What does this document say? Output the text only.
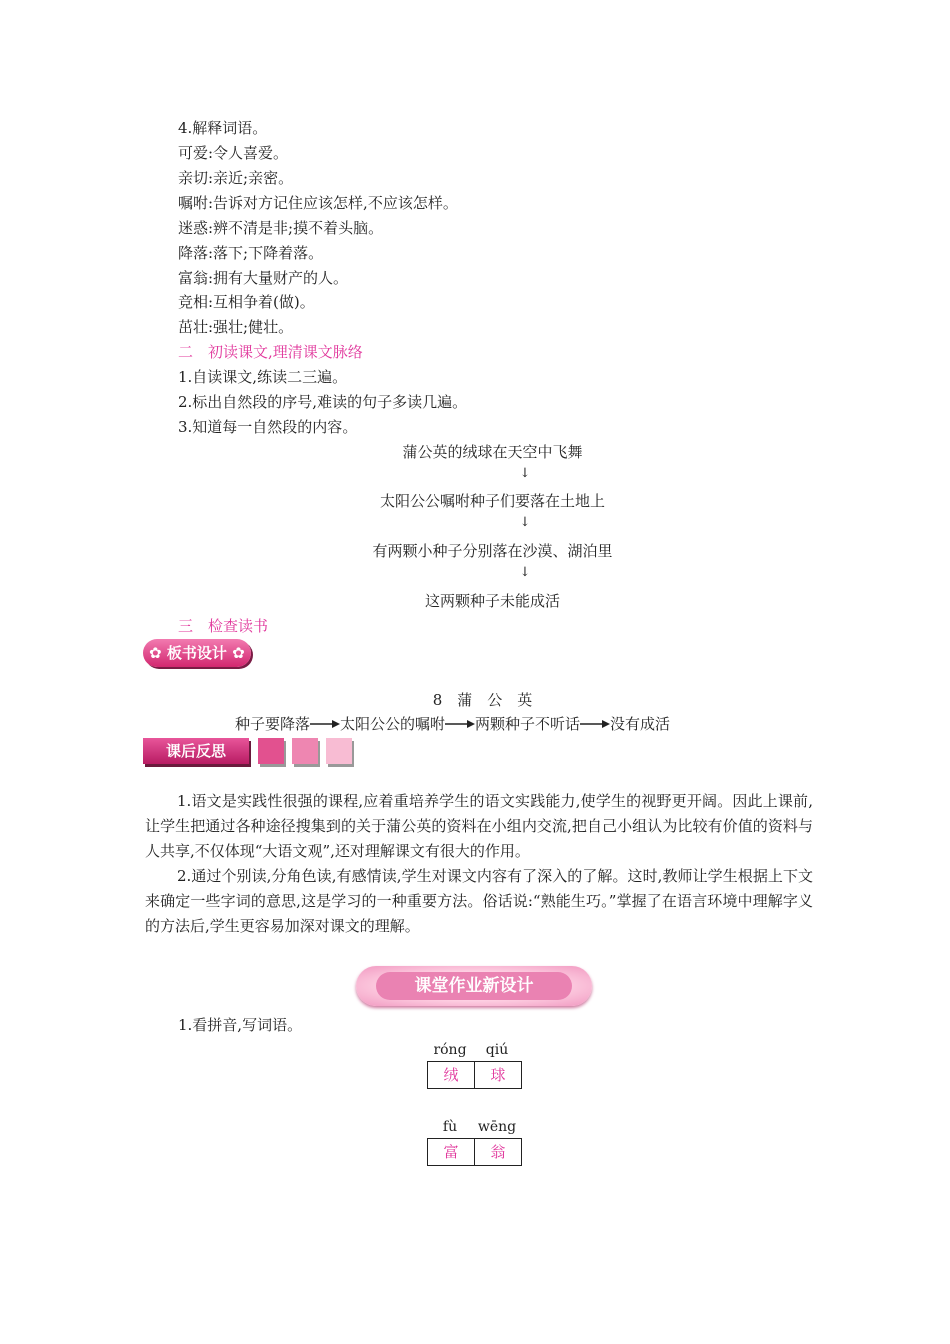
4.解释词语。
可爱:令人喜爱。
亲切:亲近;亲密。
嘱咐:告诉对方记住应该怎样,不应该怎样。
迷惑:辨不清是非;摸不着头脑。
降落:落下;下降着落。
富翁:拥有大量财产的人。
竞相:互相争着(做)。
茁壮:强壮;健壮。
二　初读课文,理清课文脉络
1.自读课文,练读二三遍。
2.标出自然段的序号,难读的句子多读几遍。
3.知道每一自然段的内容。
蒲公英的绒球在天空中飞舞
↓
太阳公公嘱咐种子们要落在土地上
↓
有两颗小种子分别落在沙漠、湖泊里
↓
这两颗种子未能成活
三　检查读书
✿ 板书设计 ✿
8　蒲　公　英
种子要降落 太阳公公的嘱咐 两颗种子不听话 没有成活
课后反思
1.语文是实践性很强的课程,应着重培养学生的语文实践能力,使学生的视野更开阔。因此上课前,让学生把通过各种途径搜集到的关于蒲公英的资料在小组内交流,把自己小组认为比较有价值的资料与人共享,不仅体现“大语文观”,还对理解课文有很大的作用。
2.通过个别读,分角色读,有感情读,学生对课文内容有了深入的了解。这时,教师让学生根据上下文来确定一些字词的意思,这是学习的一种重要方法。俗话说:“熟能生巧。”掌握了在语言环境中理解字义的方法后,学生更容易加深对课文的理解。
课堂作业新设计
1.看拼音,写词语。
róng	qiú
绒	球
fù	wēng
富	翁
